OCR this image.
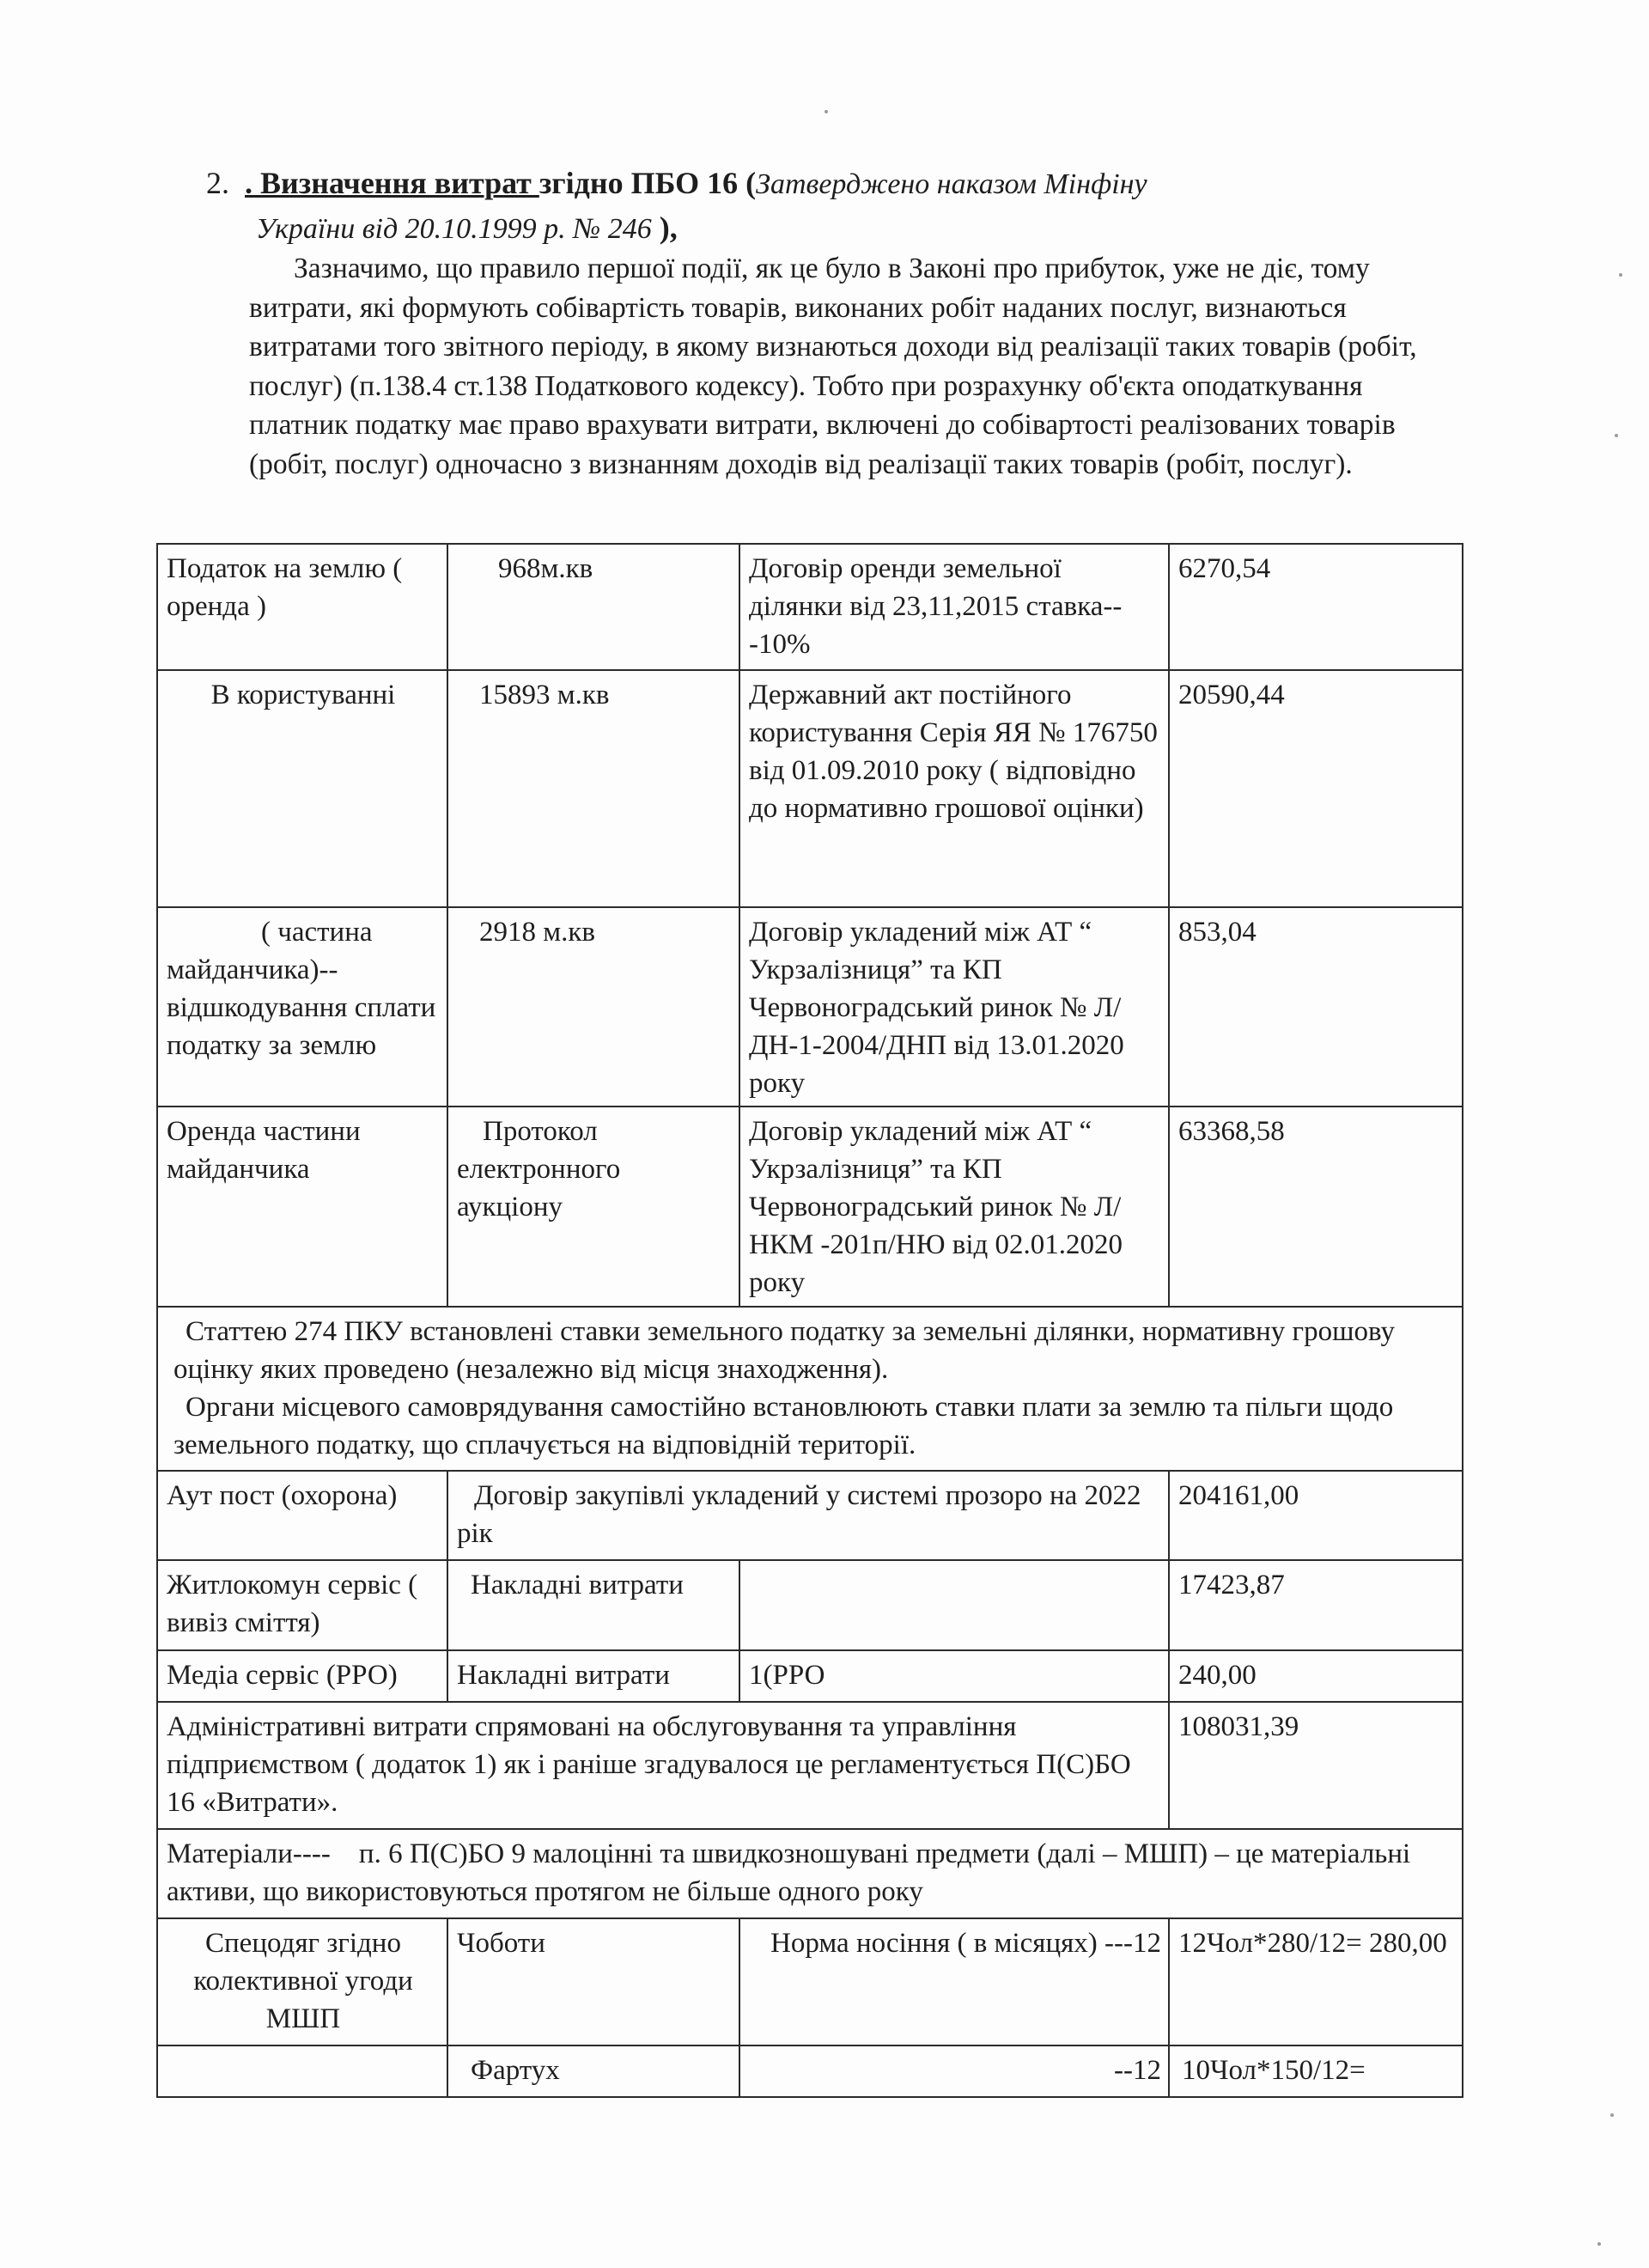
2. . Визначення витрат згідно ПБО 16 (Затверджено наказом Мінфіну
України від 20.10.1999 р. № 246 ),
Зазначимо, що правило першої події, як це було в Законі про прибуток, уже не діє, тому витрати, які формують собівартість товарів, виконаних робіт наданих послуг, визнаються витратами того звітного періоду, в якому визнаються доходи від реалізації таких товарів (робіт, послуг) (п.138.4 ст.138 Податкового кодексу). Тобто при розрахунку об'єкта оподаткування платник податку має право врахувати витрати, включені до собівартості реалізованих товарів (робіт, послуг) одночасно з визнанням доходів від реалізації таких товарів (робіт, послуг).
Податок на землю ( оренда )	968м.кв	Договір оренди земельної ділянки від 23,11,2015 ставка---10%	6270,54

В користуванні	15893 м.кв	Державний акт постійного користування Серія ЯЯ № 176750 від 01.09.2010 року ( відповідно до нормативно грошової оцінки)	20590,44
( частина майданчика)-- відшкодування сплати податку за землю	2918 м.кв	Договір укладений між АТ “ Укрзалізниця” та КП Червоноградський ринок № Л/ДН-1-2004/ДНП від 13.01.2020 року	853,04
Оренда частини майданчика	Протокол електронного аукціону	Договір укладений між АТ “ Укрзалізниця” та КП Червоноградський ринок № Л/НКМ -201п/НЮ від 02.01.2020 року	63368,58

Статтею 274 ПКУ встановлені ставки земельного податку за земельні ділянки, нормативну грошову оцінку яких проведено (незалежно від місця знаходження).

Органи місцевого самоврядування самостійно встановлюють ставки плати за землю та пільги щодо земельного податку, що сплачується на відповідній території.			

Аут пост (охорона)	Договір закупівлі укладений у системі прозоро на 2022 рік		204161,00
Житлокомун сервіс ( вивіз сміття)	Накладні витрати		17423,87
Медіа сервіс (РРО)	Накладні витрати	1(РРО	240,00
Адміністративні витрати спрямовані на обслуговування та управління підприємством ( додаток 1) як і раніше згадувалося це регламентується П(С)БО 16 «Витрати».			108031,39
Матеріали---- п. 6 П(С)БО 9 малоцінні та швидкозношувані предмети (далі – МШП) – це матеріальні активи, що використовуються протягом не більше одного року			
Спецодяг згідно колективної угоди МШП	Чоботи	Норма носіння ( в місяцях) ---12	12Чол*280/12= 280,00
	Фартух	--12	10Чол*150/12=
